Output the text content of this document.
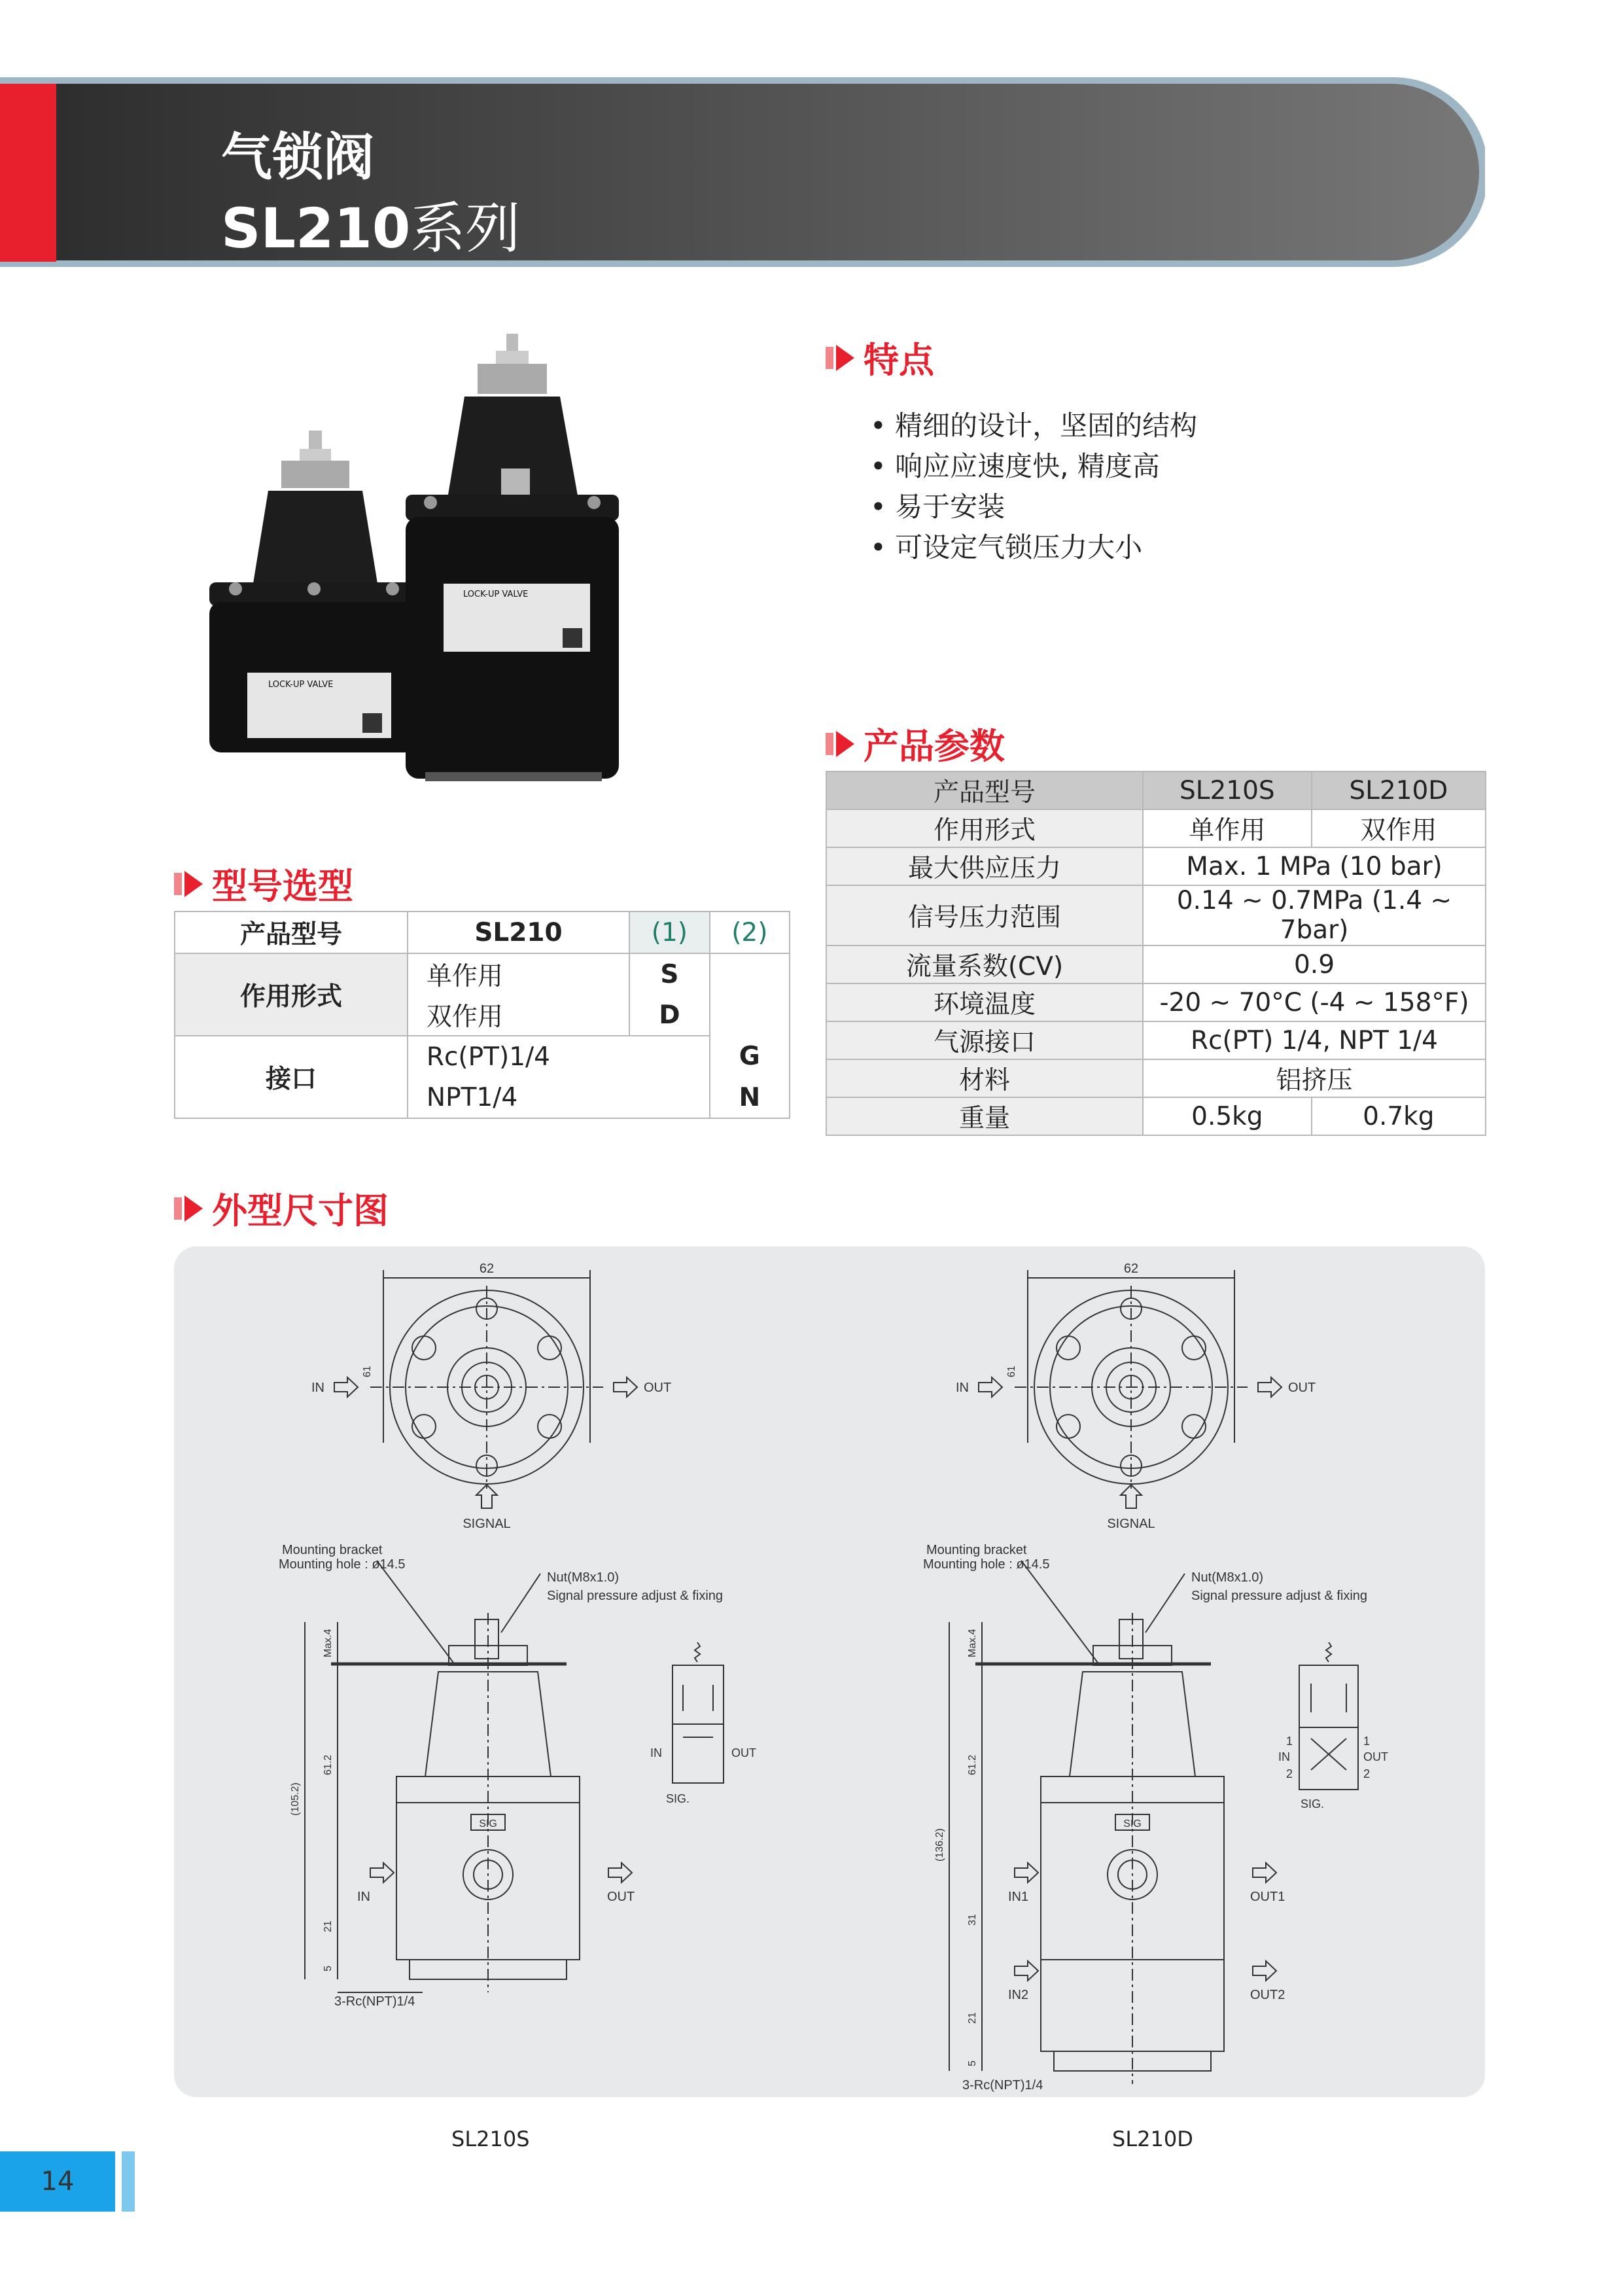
气锁阀
SL210系列
特点
• 精细的设计，坚固的结构
• 响应应速度快, 精度高
• 易于安装
• 可设定气锁压力大小
LOCK-UP VALVE
LOCK-UP VALVE
产品参数
产品型号	SL210S	SL210D
作用形式	单作用	双作用
最大供应压力	Max. 1 MPa (10 bar)	
信号压力范围	0.14 ~ 0.7MPa (1.4 ~ 7bar)	
流量系数(CV)	0.9	
环境温度	-20 ~ 70°C (-4 ~ 158°F)	
气源接口	Rc(PT) 1/4, NPT 1/4	
材料	铝挤压	
重量	0.5kg	0.7kg
型号选型
产品型号	SL210	(1)	(2)
作用形式	单作用	S	
	双作用	D	
接口	Rc(PT)1/4		G
	NPT1/4		N
外型尺寸图
62
IN	OUT
SIGNAL
61
Mounting bracket
Mounting hole : ø14.5
Nut(M8x1.0)
Signal pressure adjust & fixing
SIG
IN	OUT
(105.2)
Max.4
61.2
21
5
3-Rc(NPT)1/4
IN	OUT
SIG.
62
IN	OUT
SIGNAL
61
Mounting bracket
Mounting hole : ø14.5
Nut(M8x1.0)
Signal pressure adjust & fixing
SIG
IN1	OUT1
IN2	OUT2
(136.2)
Max.4
61.2
31
21
5
3-Rc(NPT)1/4
1
IN
2
1
OUT
2
SIG.
SL210S	SL210D
14
